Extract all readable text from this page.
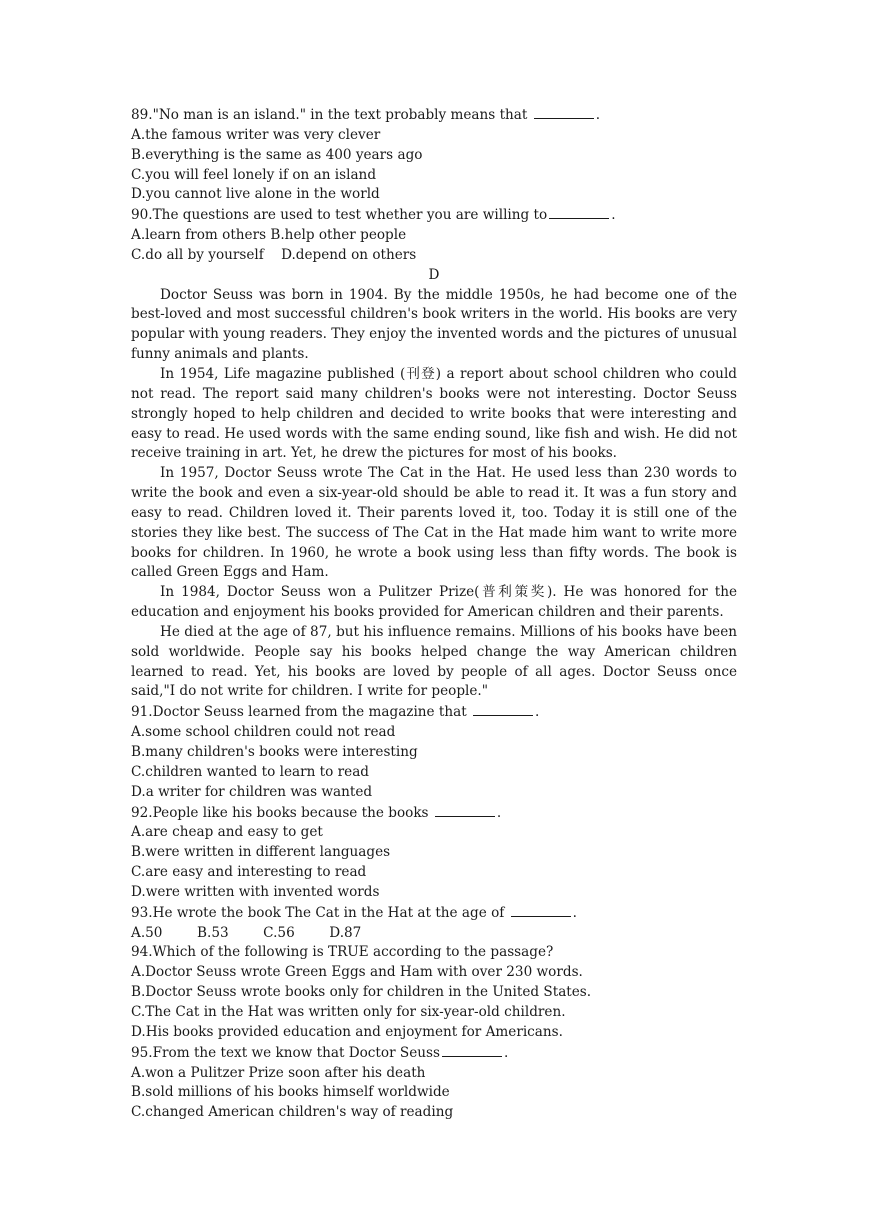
89."No man is an island." in the text probably means that	.
A.the famous writer was very clever
B.everything is the same as 400 years ago
C.you will feel lonely if on an island
D.you cannot live alone in the world
90.The questions are used to test whether you are willing to	.
A.learn from others B.help other people
C.do all by yourself    D.depend on others
D
Doctor Seuss was born in 1904. By the middle 1950s, he had become one of the best-loved and most successful children's book writers in the world. His books are very popular with young readers. They enjoy the invented words and the pictures of unusual funny animals and plants.
In 1954, Life magazine published (刊登) a report about school children who could not read. The report said many children's books were not interesting. Doctor Seuss strongly hoped to help children and decided to write books that were interesting and easy to read. He used words with the same ending sound, like fish and wish. He did not receive training in art. Yet, he drew the pictures for most of his books.
In 1957, Doctor Seuss wrote The Cat in the Hat. He used less than 230 words to write the book and even a six-year-old should be able to read it. It was a fun story and easy to read. Children loved it. Their parents loved it, too. Today it is still one of the stories they like best. The success of The Cat in the Hat made him want to write more books for children. In 1960, he wrote a book using less than fifty words. The book is called Green Eggs and Ham.
In 1984, Doctor Seuss won a Pulitzer Prize(普利策奖). He was honored for the education and enjoyment his books provided for American children and their parents.
He died at the age of 87, but his influence remains. Millions of his books have been sold worldwide. People say his books helped change the way American children learned to read. Yet, his books are loved by people of all ages. Doctor Seuss once said,"I do not write for children. I write for people."
91.Doctor Seuss learned from the magazine that	.
A.some school children could not read
B.many children's books were interesting
C.children wanted to learn to read
D.a writer for children was wanted
92.People like his books because the books	.
A.are cheap and easy to get
B.were written in different languages
C.are easy and interesting to read
D.were written with invented words
93.He wrote the book The Cat in the Hat at the age of	.
A.50        B.53        C.56        D.87
94.Which of the following is TRUE according to the passage?
A.Doctor Seuss wrote Green Eggs and Ham with over 230 words.
B.Doctor Seuss wrote books only for children in the United States.
C.The Cat in the Hat was written only for six-year-old children.
D.His books provided education and enjoyment for Americans.
95.From the text we know that Doctor Seuss	.
A.won a Pulitzer Prize soon after his death
B.sold millions of his books himself worldwide
C.changed American children's way of reading
